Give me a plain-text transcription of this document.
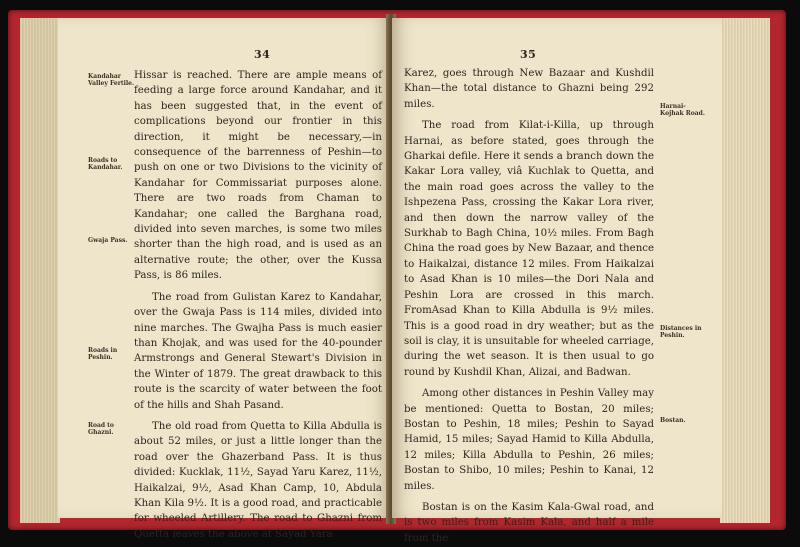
34
Kandahar Valley Fertile.
Roads to Kandahar.
Gwaja Pass.
Roads in Peshin.
Road to Ghazni.

Hissar is reached. There are ample means of feeding a large force around Kandahar, and it has been suggested that, in the event of complications beyond our frontier in this direction, it might be necessary,—in consequence of the barrenness of Peshin—to push on one or two Divisions to the vicinity of Kandahar for Commissariat purposes alone. There are two roads from Chaman to Kandahar; one called the Barghana road, divided into seven marches, is some two miles shorter than the high road, and is used as an alternative route; the other, over the Kussa Pass, is 86 miles.

The road from Gulistan Karez to Kandahar, over the Gwaja Pass is 114 miles, divided into nine marches. The Gwajha Pass is much easier than Khojak, and was used for the 40-pounder Armstrongs and General Stewart's Division in the Winter of 1879. The great drawback to this route is the scarcity of water between the foot of the hills and Shah Pasand.

The old road from Quetta to Killa Abdulla is about 52 miles, or just a little longer than the road over the Ghazerband Pass. It is thus divided: Kucklak, 11½, Sayad Yaru Karez, 11½, Haikalzai, 9½, Asad Khan Camp, 10, Abdula Khan Kila 9½. It is a good road, and practicable for wheeled Artillery. The road to Ghazni from Quetta leaves the above at Sayad Yara

35
Harnai-Kojhak Road.
Distances in Peshin.
Bostan.

Karez, goes through New Bazaar and Kushdil Khan—the total distance to Ghazni being 292 miles.

The road from Kilat-i-Killa, up through Harnai, as before stated, goes through the Gharkai defile. Here it sends a branch down the Kakar Lora valley, viâ Kuchlak to Quetta, and the main road goes across the valley to the Ishpezena Pass, crossing the Kakar Lora river, and then down the narrow valley of the Surkhab to Bagh China, 10½ miles. From Bagh China the road goes by New Bazaar, and thence to Haikalzai, distance 12 miles. From Haikalzai to Asad Khan is 10 miles—the Dori Nala and Peshin Lora are crossed in this march. FromAsad Khan to Killa Abdulla is 9½ miles. This is a good road in dry weather; but as the soil is clay, it is unsuitable for wheeled carriage, during the wet season. It is then usual to go round by Kushdil Khan, Alizai, and Badwan.

Among other distances in Peshin Valley may be mentioned: Quetta to Bostan, 20 miles; Bostan to Peshin, 18 miles; Peshin to Sayad Hamid, 15 miles; Sayad Hamid to Killa Abdulla, 12 miles; Killa Abdulla to Peshin, 26 miles; Bostan to Shibo, 10 miles; Peshin to Kanai, 12 miles.

Bostan is on the Kasim Kala-Gwal road, and is two miles from Kasim Kala, and half a mile from the
